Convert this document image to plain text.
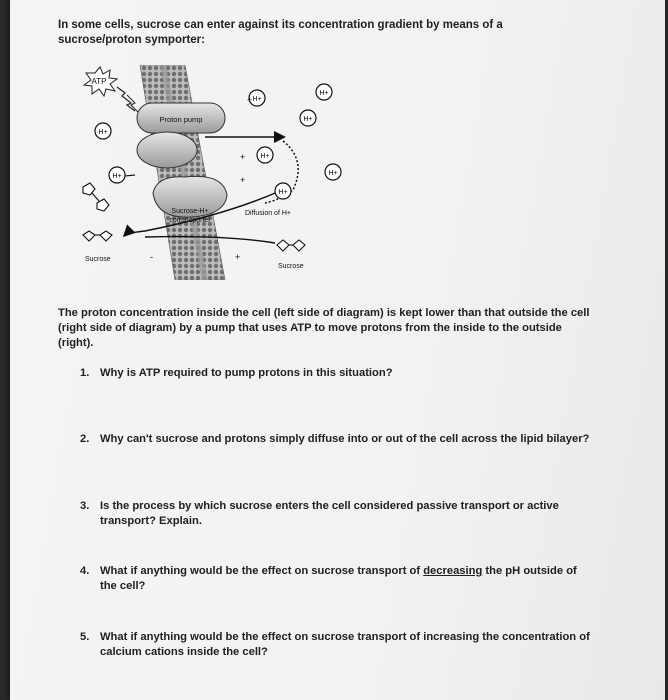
In some cells, sucrose can enter against its concentration gradient by means of a sucrose/proton symporter:
ATP
Proton pump
Sucrose-H+
cotransporter
H+
H+
H+
H+
H+
H+
H+
H+
Diffusion of H+
Sucrose
Sucrose
+
+
+
+
-
The proton concentration inside the cell (left side of diagram) is kept lower than that outside the cell (right side of diagram) by a pump that uses ATP to move protons from the inside to the outside (right).
1. Why is ATP required to pump protons in this situation?
2. Why can't sucrose and protons simply diffuse into or out of the cell across the lipid bilayer?
3. Is the process by which sucrose enters the cell considered passive transport or active transport? Explain.
4. What if anything would be the effect on sucrose transport of decreasing the pH outside of the cell?
5. What if anything would be the effect on sucrose transport of increasing the concentration of calcium cations inside the cell?
